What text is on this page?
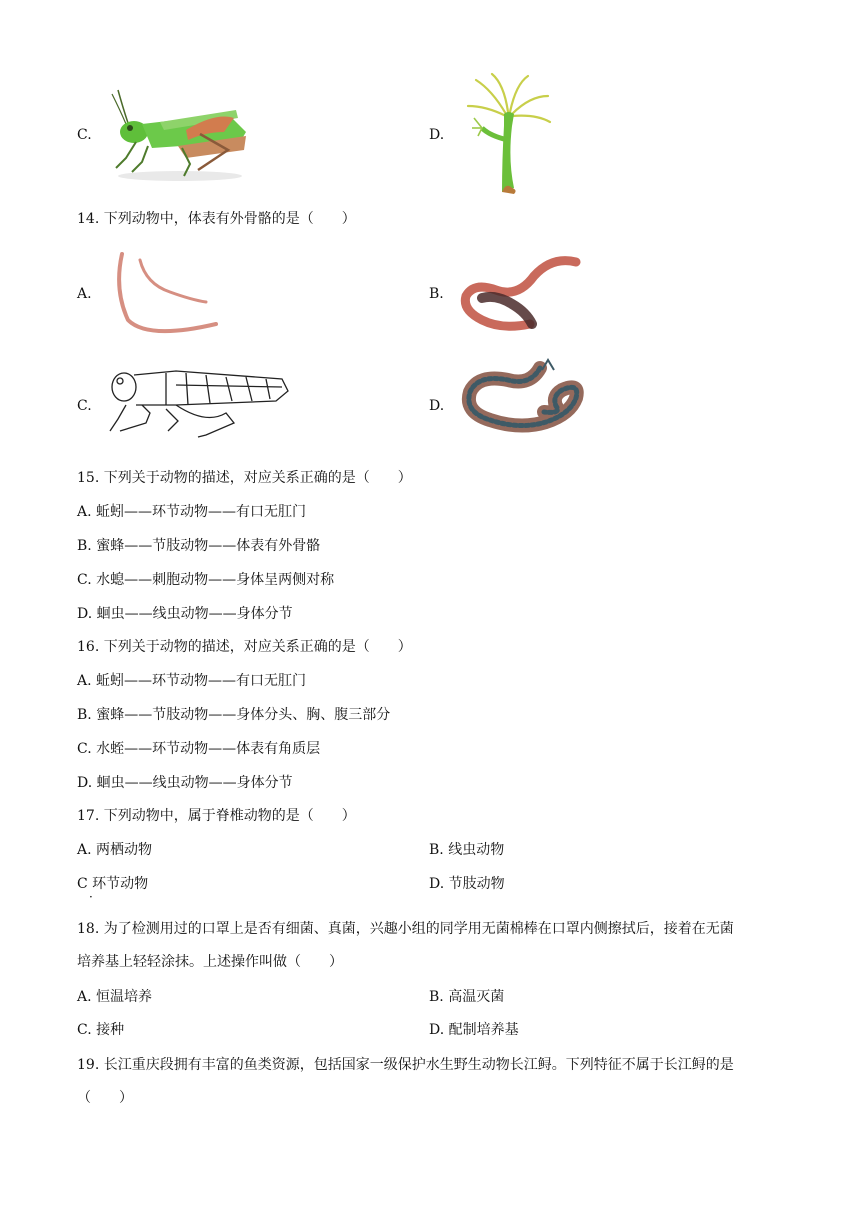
C.	D.
14. 下列动物中，体表有外骨骼的是（　　）
A.	B.
C.	D.
15. 下列关于动物的描述，对应关系正确的是（　　）
A. 蚯蚓——环节动物——有口无肛门
B. 蜜蜂——节肢动物——体表有外骨骼
C. 水螅——刺胞动物——身体呈两侧对称
D. 蛔虫——线虫动物——身体分节
16. 下列关于动物的描述，对应关系正确的是（　　）
A. 蚯蚓——环节动物——有口无肛门
B. 蜜蜂——节肢动物——身体分头、胸、腹三部分
C. 水蛭——环节动物——体表有角质层
D. 蛔虫——线虫动物——身体分节
17. 下列动物中，属于脊椎动物的是（　　）
A. 两栖动物	B. 线虫动物
C 环节动物	D. 节肢动物
·
18. 为了检测用过的口罩上是否有细菌、真菌，兴趣小组的同学用无菌棉棒在口罩内侧擦拭后，接着在无菌
培养基上轻轻涂抹。上述操作叫做（　　）
A. 恒温培养	B. 高温灭菌
C. 接种	D. 配制培养基
19. 长江重庆段拥有丰富的鱼类资源，包括国家一级保护水生野生动物长江鲟。下列特征不属于长江鲟的是
（　　）
